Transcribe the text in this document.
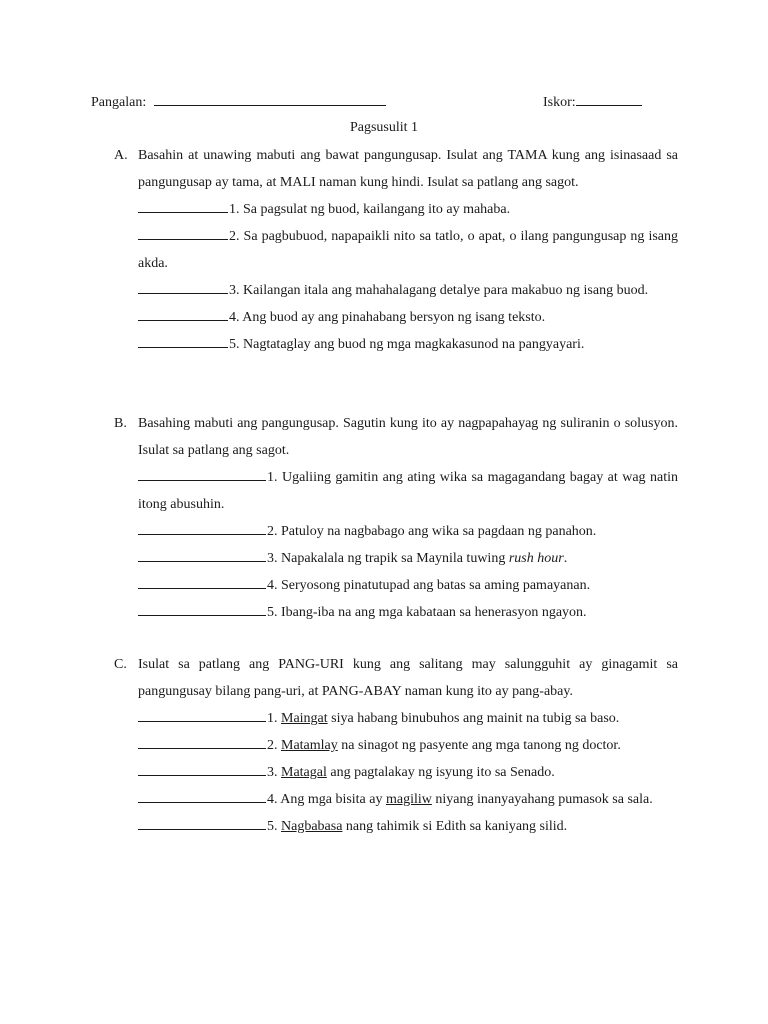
Pangalan:	Iskor:
Pagsusulit 1
A. Basahin at unawing mabuti ang bawat pangungusap. Isulat ang TAMA kung ang isinasaad sa pangungusap ay tama, at MALI naman kung hindi. Isulat sa patlang ang sagot.
1. Sa pagsulat ng buod, kailangang ito ay mahaba.
2. Sa pagbubuod, napapaikli nito sa tatlo, o apat, o ilang pangungusap ng isang akda.
3. Kailangan itala ang mahahalagang detalye para makabuo ng isang buod.
4. Ang buod ay ang pinahabang bersyon ng isang teksto.
5. Nagtataglay ang buod ng mga magkakasunod na pangyayari.
B. Basahing mabuti ang pangungusap. Sagutin kung ito ay nagpapahayag ng suliranin o solusyon. Isulat sa patlang ang sagot.
1. Ugaliing gamitin ang ating wika sa magagandang bagay at wag natin itong abusuhin.
2. Patuloy na nagbabago ang wika sa pagdaan ng panahon.
3. Napakalala ng trapik sa Maynila tuwing rush hour.
4. Seryosong pinatutupad ang batas sa aming pamayanan.
5. Ibang-iba na ang mga kabataan sa henerasyon ngayon.
C. Isulat sa patlang ang PANG-URI kung ang salitang may salungguhit ay ginagamit sa pangungusay bilang pang-uri, at PANG-ABAY naman kung ito ay pang-abay.
1. Maingat siya habang binubuhos ang mainit na tubig sa baso.
2. Matamlay na sinagot ng pasyente ang mga tanong ng doctor.
3. Matagal ang pagtalakay ng isyung ito sa Senado.
4. Ang mga bisita ay magiliw niyang inanyayahang pumasok sa sala.
5. Nagbabasa nang tahimik si Edith sa kaniyang silid.
